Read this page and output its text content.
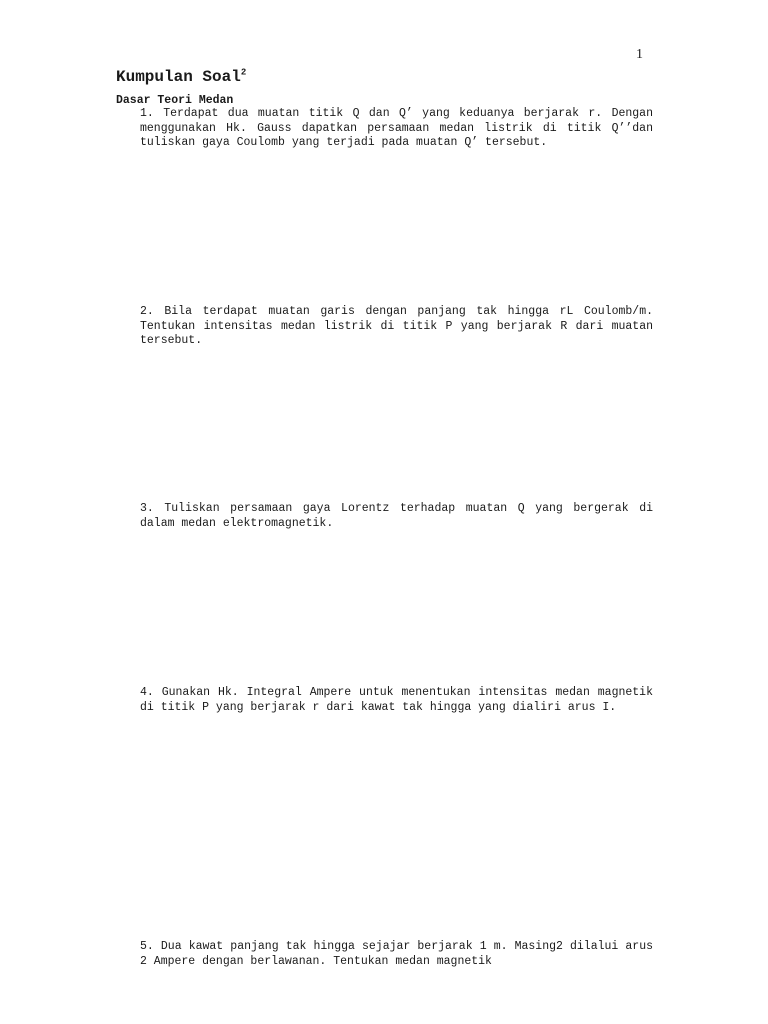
1
Kumpulan Soal$^2$
Dasar Teori Medan

1. Terdapat dua muatan titik Q dan Q’ yang keduanya berjarak r. Dengan menggunakan Hk. Gauss dapatkan persamaan medan listrik di titik Q’’dan tuliskan gaya Coulomb yang terjadi pada muatan Q’ tersebut.

2. Bila terdapat muatan garis dengan panjang tak hingga rL Coulomb/m. Tentukan intensitas medan listrik di titik P yang berjarak R dari muatan tersebut.

3. Tuliskan persamaan gaya Lorentz terhadap muatan Q yang bergerak di dalam medan elektromagnetik.

4. Gunakan Hk. Integral Ampere untuk menentukan intensitas medan magnetik di titik P yang berjarak r dari kawat tak hingga yang dialiri arus I.

5. Dua kawat panjang tak hingga sejajar berjarak 1 m. Masing2 dilalui arus 2 Ampere dengan berlawanan. Tentukan medan magnetik
